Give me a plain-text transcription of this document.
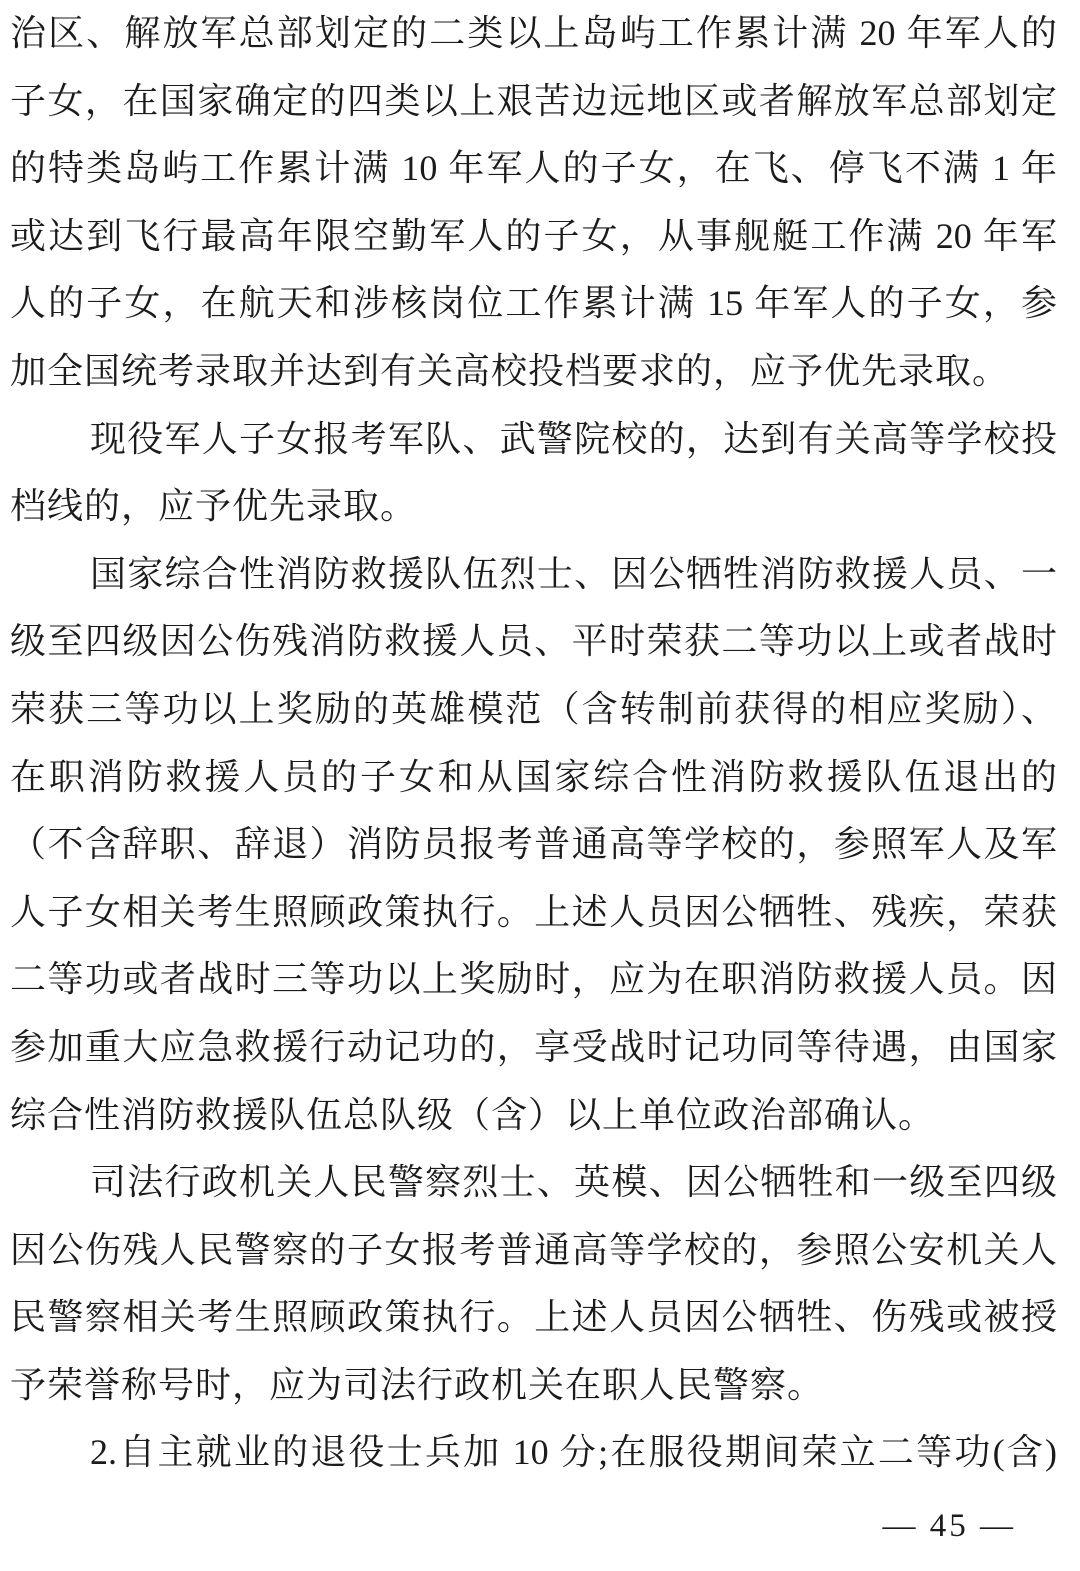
治区、解放军总部划定的二类以上岛屿工作累计满 20 年军人的
子女，在国家确定的四类以上艰苦边远地区或者解放军总部划定
的特类岛屿工作累计满 10 年军人的子女，在飞、停飞不满 1 年
或达到飞行最高年限空勤军人的子女，从事舰艇工作满 20 年军
人的子女，在航天和涉核岗位工作累计满 15 年军人的子女，参
加全国统考录取并达到有关高校投档要求的，应予优先录取。
现役军人子女报考军队、武警院校的，达到有关高等学校投
档线的，应予优先录取。
国家综合性消防救援队伍烈士、因公牺牲消防救援人员、一
级至四级因公伤残消防救援人员、平时荣获二等功以上或者战时
荣获三等功以上奖励的英雄模范（含转制前获得的相应奖励）、
在职消防救援人员的子女和从国家综合性消防救援队伍退出的
（不含辞职、辞退）消防员报考普通高等学校的，参照军人及军
人子女相关考生照顾政策执行。上述人员因公牺牲、残疾，荣获
二等功或者战时三等功以上奖励时，应为在职消防救援人员。因
参加重大应急救援行动记功的，享受战时记功同等待遇，由国家
综合性消防救援队伍总队级（含）以上单位政治部确认。
司法行政机关人民警察烈士、英模、因公牺牲和一级至四级
因公伤残人民警察的子女报考普通高等学校的，参照公安机关人
民警察相关考生照顾政策执行。上述人员因公牺牲、伤残或被授
予荣誉称号时，应为司法行政机关在职人民警察。
2.自主就业的退役士兵加 10 分;在服役期间荣立二等功(含)
— 45 —
